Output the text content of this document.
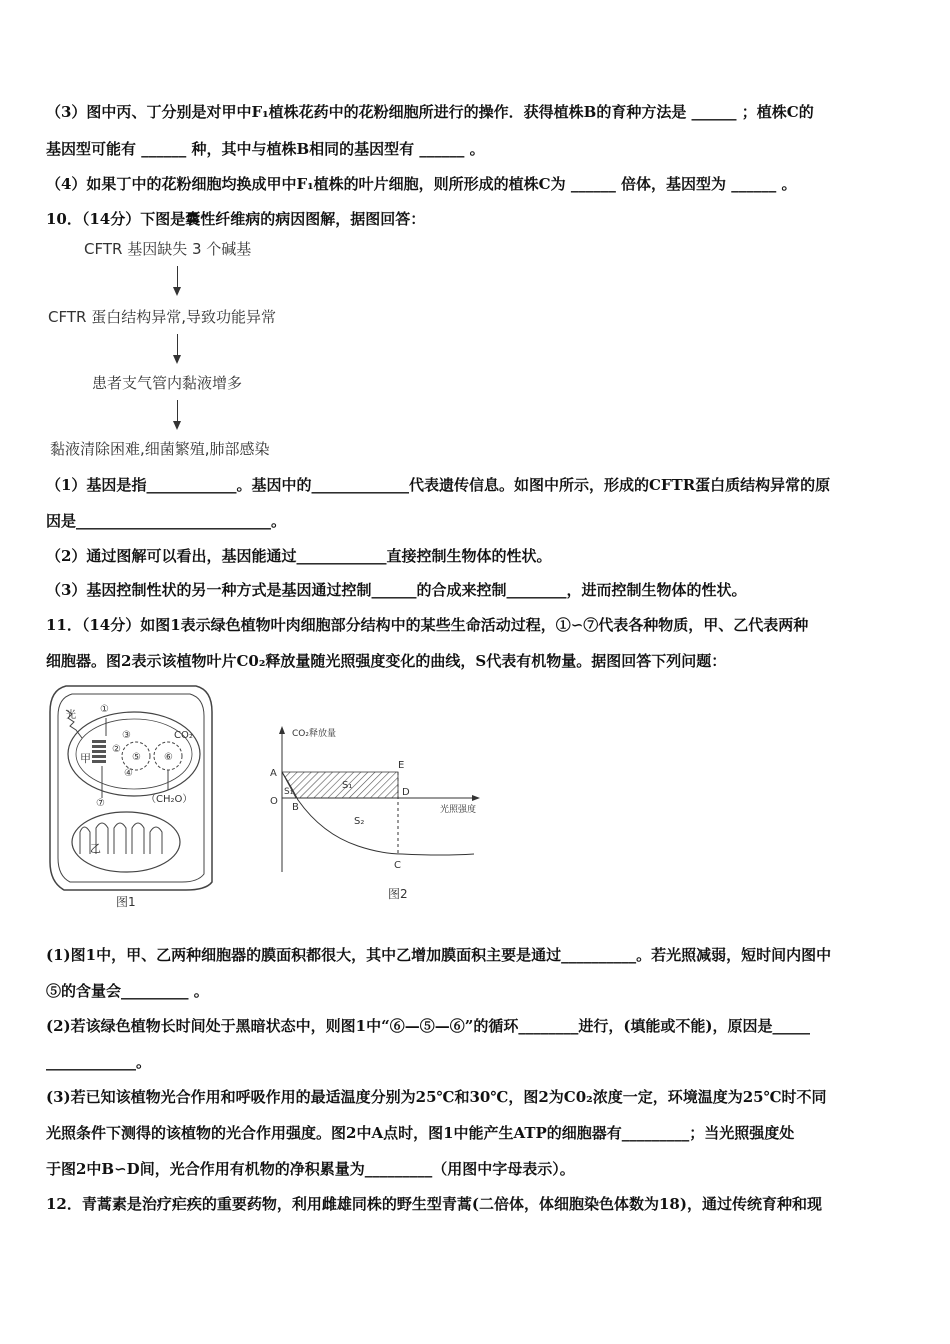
（3）图中丙、丁分别是对甲中F₁植株花药中的花粉细胞所进行的操作．获得植株B的育种方法是 ______ ；植株C的
基因型可能有 ______ 种，其中与植株B相同的基因型有 ______ 。
（4）如果丁中的花粉细胞均换成甲中F₁植株的叶片细胞，则所形成的植株C为 ______ 倍体，基因型为 ______ 。
10．（14分）下图是囊性纤维病的病因图解，据图回答：
CFTR 基因缺失 3 个碱基
CFTR 蛋白结构异常,导致功能异常
患者支气管内黏液增多
黏液清除困难,细菌繁殖,肺部感染
（1）基因是指____________。基因中的_____________代表遗传信息。如图中所示，形成的CFTR蛋白质结构异常的原
因是__________________________。
（2）通过图解可以看出，基因能通过____________直接控制生物体的性状。
（3）基因控制性状的另一种方式是基因通过控制______的合成来控制________，进而控制生物体的性状。
11．（14分）如图1表示绿色植物叶肉细胞部分结构中的某些生命活动过程，①∽⑦代表各种物质，甲、乙代表两种
细胞器。图2表示该植物叶片C0₂释放量随光照强度变化的曲线，S代表有机物量。据图回答下列问题：
光
①
甲
②
③
④
⑤ ⑥
⑦
CO₂
（CH₂O）
乙
图1
CO₂释放量
光照强度
A
B
C
D
E
O
S₁
S₁
S₂
图2
(1)图1中，甲、乙两种细胞器的膜面积都很大，其中乙增加膜面积主要是通过__________。若光照减弱，短时间内图中
⑤的含量会_________ 。
(2)若该绿色植物长时间处于黑暗状态中，则图1中“⑥—⑤—⑥”的循环________进行，(填能或不能)，原因是_____
____________。
(3)若已知该植物光合作用和呼吸作用的最适温度分别为25℃和30℃，图2为C0₂浓度一定，环境温度为25℃时不同
光照条件下测得的该植物的光合作用强度。图2中A点时，图1中能产生ATP的细胞器有_________；当光照强度处
于图2中B∽D间，光合作用有机物的净积累量为_________（用图中字母表示）。
12．青蒿素是治疗疟疾的重要药物，利用雌雄同株的野生型青蒿(二倍体，体细胞染色体数为18)，通过传统育种和现
